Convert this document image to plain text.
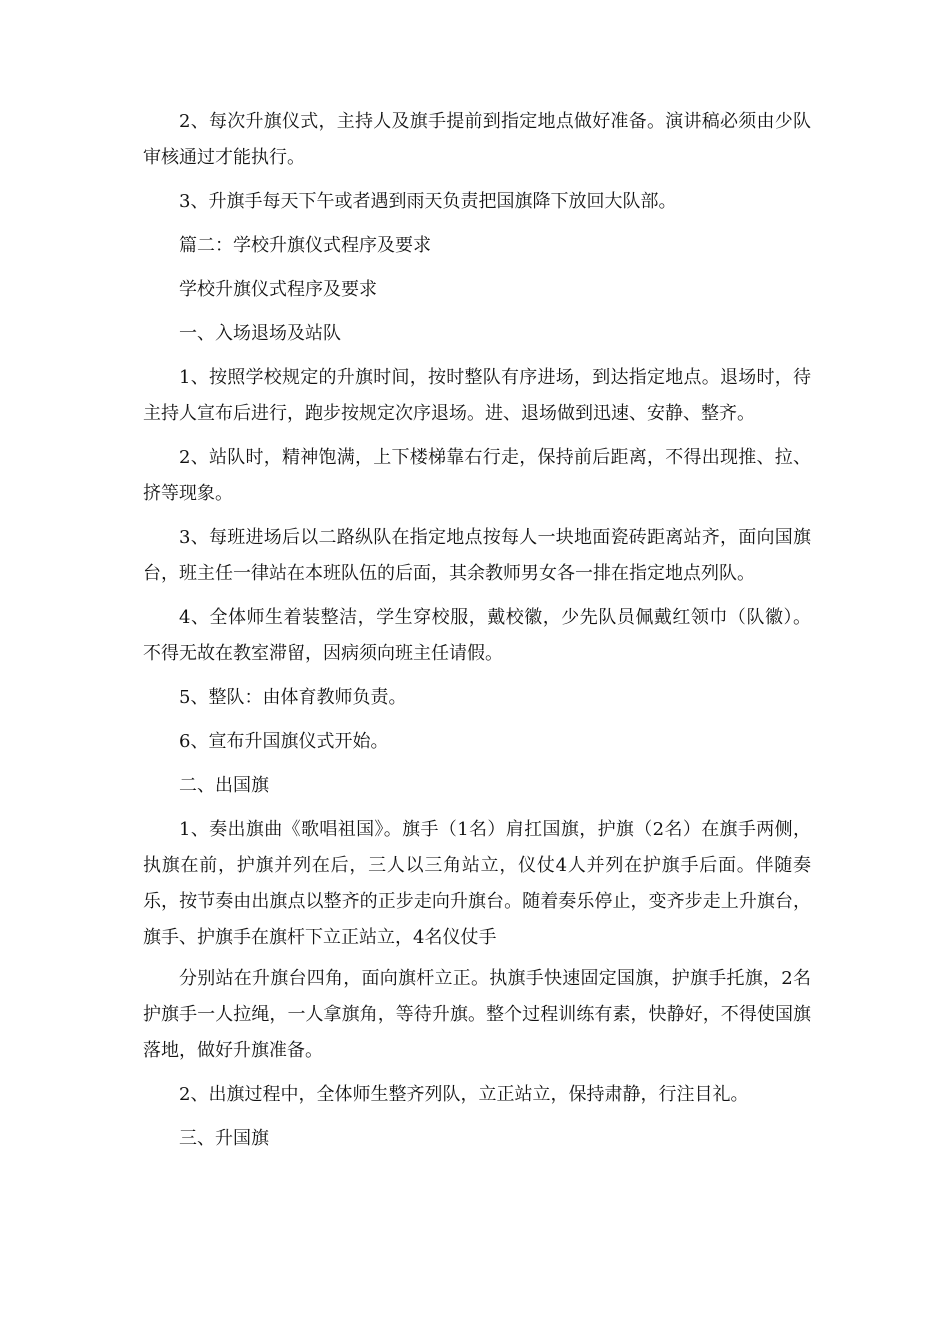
2、每次升旗仪式，主持人及旗手提前到指定地点做好准备。演讲稿必须由少队审核通过才能执行。

3、升旗手每天下午或者遇到雨天负责把国旗降下放回大队部。

篇二：学校升旗仪式程序及要求

学校升旗仪式程序及要求

一、入场退场及站队

1、按照学校规定的升旗时间，按时整队有序进场，到达指定地点。退场时，待主持人宣布后进行，跑步按规定次序退场。进、退场做到迅速、安静、整齐。

2、站队时，精神饱满，上下楼梯靠右行走，保持前后距离，不得出现推、拉、挤等现象。

3、每班进场后以二路纵队在指定地点按每人一块地面瓷砖距离站齐，面向国旗台，班主任一律站在本班队伍的后面，其余教师男女各一排在指定地点列队。

4、全体师生着装整洁，学生穿校服，戴校徽，少先队员佩戴红领巾（队徽）。不得无故在教室滞留，因病须向班主任请假。

5、整队：由体育教师负责。

6、宣布升国旗仪式开始。

二、出国旗

1、奏出旗曲《歌唱祖国》。旗手（1名）肩扛国旗，护旗（2名）在旗手两侧，执旗在前，护旗并列在后，三人以三角站立，仪仗4人并列在护旗手后面。伴随奏乐，按节奏由出旗点以整齐的正步走向升旗台。随着奏乐停止，变齐步走上升旗台，旗手、护旗手在旗杆下立正站立，4名仪仗手

分别站在升旗台四角，面向旗杆立正。执旗手快速固定国旗，护旗手托旗，2名护旗手一人拉绳，一人拿旗角，等待升旗。整个过程训练有素，快静好，不得使国旗落地，做好升旗准备。

2、出旗过程中，全体师生整齐列队，立正站立，保持肃静，行注目礼。

三、升国旗
